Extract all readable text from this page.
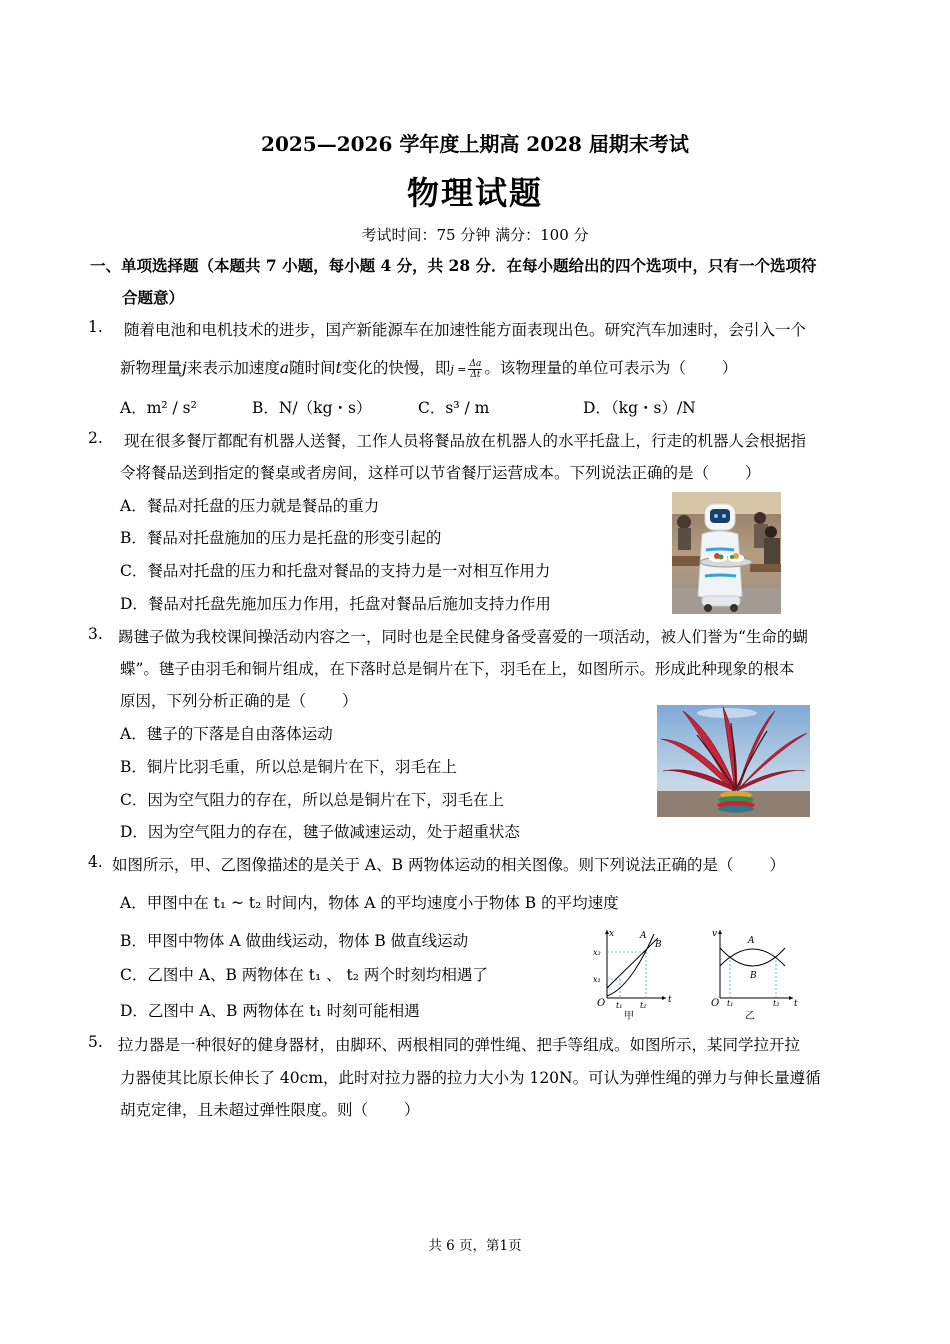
2025—2026 学年度上期高 2028 届期末考试
物理试题
考试时间：75 分钟 满分：100 分
一、单项选择题（本题共 7 小题，每小题 4 分，共 28 分．在每小题给出的四个选项中，只有一个选项符
合题意）
1. 随着电池和电机技术的进步，国产新能源车在加速性能方面表现出色。研究汽车加速时，会引入一个
新物理量j来表示加速度a随时间t变化的快慢，即$j = \frac{\Delta a}{\Delta t}$ 。该物理量的单位可表示为（ ）
A．m² / s²	B．N/（kg・s）	C．s³ / m	D．（kg・s）/N
2. 现在很多餐厅都配有机器人送餐，工作人员将餐品放在机器人的水平托盘上，行走的机器人会根据指
令将餐品送到指定的餐桌或者房间，这样可以节省餐厅运营成本。下列说法正确的是（ ）
A．餐品对托盘的压力就是餐品的重力
B．餐品对托盘施加的压力是托盘的形变引起的
C．餐品对托盘的压力和托盘对餐品的支持力是一对相互作用力
D．餐品对托盘先施加压力作用，托盘对餐品后施加支持力作用
3. 踢毽子做为我校课间操活动内容之一，同时也是全民健身备受喜爱的一项活动，被人们誉为“生命的蝴
蝶”。毽子由羽毛和铜片组成，在下落时总是铜片在下，羽毛在上，如图所示。形成此种现象的根本
原因，下列分析正确的是（ ）
A．毽子的下落是自由落体运动
B．铜片比羽毛重，所以总是铜片在下，羽毛在上
C．因为空气阻力的存在，所以总是铜片在下，羽毛在上
D．因为空气阻力的存在，毽子做减速运动，处于超重状态
4. 如图所示，甲、乙图像描述的是关于 A、B 两物体运动的相关图像。则下列说法正确的是（ ）
A．甲图中在 t₁ ~ t₂ 时间内，物体 A 的平均速度小于物体 B 的平均速度
B．甲图中物体 A 做曲线运动，物体 B 做直线运动
C．乙图中 A、B 两物体在 t₁ 、 t₂ 两个时刻均相遇了
D．乙图中 A、B 两物体在 t₁ 时刻可能相遇
x
t
O
x₂
x₁
t₁ t₂
A
B
甲
v
t
O t₁	t₂
A
B
乙
5. 拉力器是一种很好的健身器材，由脚环、两根相同的弹性绳、把手等组成。如图所示，某同学拉开拉
力器使其比原长伸长了 40cm，此时对拉力器的拉力大小为 120N。可认为弹性绳的弹力与伸长量遵循
胡克定律，且未超过弹性限度。则（ ）
共 6 页，第1页
